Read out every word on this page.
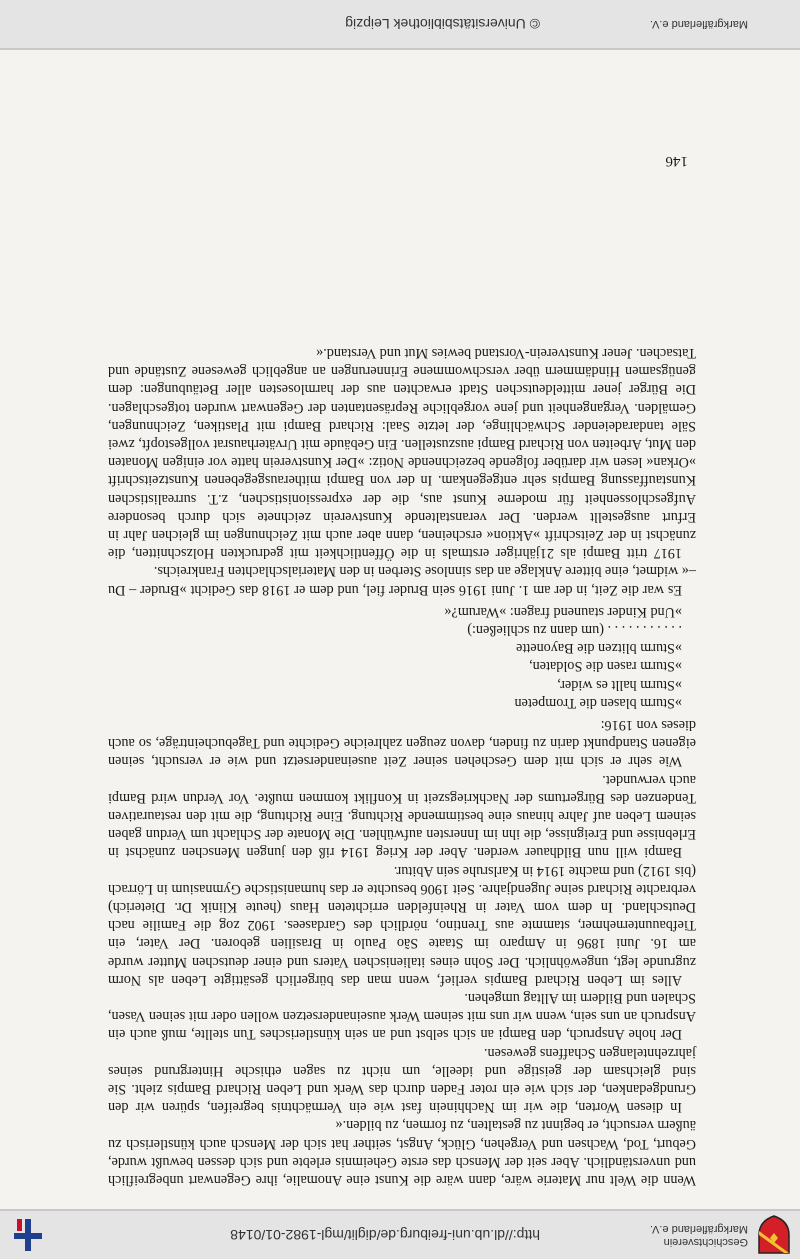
Geschichtsverein
Markgräflerland e.V.
http://dl.ub.uni-freiburg.de/diglit/mgl-1982-01/0148

Wenn die Welt nur Materie wäre, dann wäre die Kunst eine Anomalie, ihre Gegenwart unbegreiflich und unverständlich. Aber seit der Mensch das erste Geheimnis erlebte und sich dessen bewußt wurde, Geburt, Tod, Wachsen und Vergehen, Glück, Angst, seither hat sich der Mensch auch künstlerisch zu äußern versucht, er beginnt zu gestalten, zu formen, zu bilden.«

In diesen Worten, die wir im Nachhinein fast wie ein Vermächtnis begreifen, spüren wir den Grundgedanken, der sich wie ein roter Faden durch das Werk und Leben Richard Bampis zieht. Sie sind gleichsam der geistige und ideelle, um nicht zu sagen ethische Hintergrund seines jahrzehntelangen Schaffens gewesen.

Der hohe Anspruch, den Bampi an sich selbst und an sein künstlerisches Tun stellte, muß auch ein Anspruch an uns sein, wenn wir uns mit seinem Werk auseinandersetzen wollen oder mit seinen Vasen, Schalen und Bildern im Alltag umgehen.

Alles im Leben Richard Bampis verlief, wenn man das bürgerlich gesättigte Leben als Norm zugrunde legt, ungewöhnlich. Der Sohn eines italienischen Vaters und einer deutschen Mutter wurde am 16. Juni 1896 in Amparo im Staate São Paulo in Brasilien geboren. Der Vater, ein Tiefbauunternehmer, stammte aus Trentino, nördlich des Gardasees. 1902 zog die Familie nach Deutschland. In dem vom Vater in Rheinfelden errichteten Haus (heute Klinik Dr. Dieterich) verbrachte Richard seine Jugendjahre. Seit 1906 besuchte er das humanistische Gymnasium in Lörrach (bis 1912) und machte 1914 in Karlsruhe sein Abitur.

Bampi will nun Bildhauer werden. Aber der Krieg 1914 riß den jungen Menschen zunächst in Erlebnisse und Ereignisse, die ihn im Innersten aufwühlen. Die Monate der Schlacht um Verdun gaben seinem Leben auf Jahre hinaus eine bestimmende Richtung. Eine Richtung, die mit den restaurativen Tendenzen des Bürgertums der Nachkriegszeit in Konflikt kommen mußte. Vor Verdun wird Bampi auch verwundet.

Wie sehr er sich mit dem Geschehen seiner Zeit auseinandersetzt und wie er versucht, seinen eigenen Standpunkt darin zu finden, davon zeugen zahlreiche Gedichte und Tagebucheinträge, so auch dieses von 1916:

»Sturm blasen die Trompeten
»Sturm hallt es wider,
»Sturm rasen die Soldaten,
»Sturm blitzen die Bayonette
. . . . . . . . . . . (um dann zu schließen:)
»Und Kinder staunend fragen: »Warum?«

Es war die Zeit, in der am 1. Juni 1916 sein Bruder fiel, und dem er 1918 das Gedicht »Bruder – Du –« widmet, eine bittere Anklage an das sinnlose Sterben in den Materialschlachten Frankreichs.

1917 tritt Bampi als 21jähriger erstmals in die Öffentlichkeit mit gedruckten Holzschnitten, die zunächst in der Zeitschrift »Aktion« erscheinen, dann aber auch mit Zeichnungen im gleichen Jahr in Erfurt ausgestellt werden. Der veranstaltende Kunstverein zeichnete sich durch besondere Aufgeschlossenheit für moderne Kunst aus, die der expressionistischen, z.T. surrealistischen Kunstauffassung Bampis sehr entgegenkam. In der von Bampi mitherausgegebenen Kunstzeitschrift »Orkan« lesen wir darüber folgende bezeichnende Notiz: »Der Kunstverein hatte vor einigen Monaten den Mut, Arbeiten von Richard Bampi auszustellen. Ein Gebäude mit Urväterhausrat vollgestopft, zwei Säle tandaradeiender Schwächlinge, der letzte Saal: Richard Bampi mit Plastiken, Zeichnungen, Gemälden. Vergangenheit und jene vorgebliche Repräsentanten der Gegenwart wurden totgeschlagen. Die Bürger jener mitteldeutschen Stadt erwachten aus der harmlosesten aller Betäubungen: dem genügsamen Hindämmern über verschwommene Erinnerungen an angeblich gewesene Zustände und Tatsachen. Jener Kunstverein-Vorstand bewies Mut und Verstand.«

146
Markgräflerland e.V.
© Universitätsbibliothek Leipzig
